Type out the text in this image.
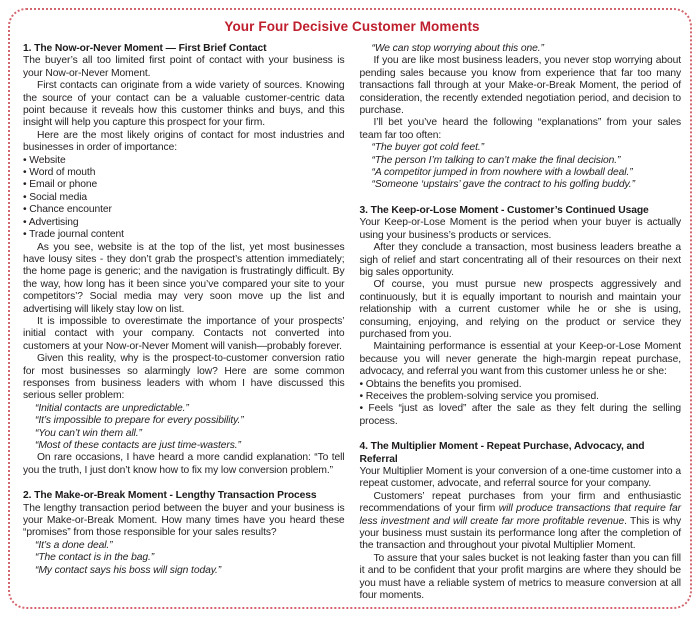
Your Four Decisive Customer Moments

1. The Now-or-Never Moment — First Brief Contact

The buyer’s all too limited first point of contact with your business is your Now-or-Never Moment.

First contacts can originate from a wide variety of sources. Knowing the source of your contact can be a valuable customer-centric data point because it reveals how this customer thinks and buys, and this insight will help you capture this prospect for your firm.

Here are the most likely origins of contact for most industries and businesses in order of importance:

• Website

• Word of mouth

• Email or phone

• Social media

• Chance encounter

• Advertising

• Trade journal content

As you see, website is at the top of the list, yet most businesses have lousy sites - they don’t grab the prospect’s attention immediately; the home page is generic; and the navigation is frustratingly difficult. By the way, how long has it been since you’ve compared your site to your competitors’? Social media may very soon move up the list and advertising will likely stay low on list.

It is impossible to overestimate the importance of your prospects’ initial contact with your company. Contacts not converted into customers at your Now-or-Never Moment will vanish—probably forever.

Given this reality, why is the prospect-to-customer conversion ratio for most businesses so alarmingly low? Here are some common responses from business leaders with whom I have discussed this serious seller problem:

“Initial contacts are unpredictable.”

“It’s impossible to prepare for every possibility.”

“You can’t win them all.”

“Most of these contacts are just time-wasters.”

On rare occasions, I have heard a more candid explanation: “To tell you the truth, I just don’t know how to fix my low conversion problem.”

2. The Make-or-Break Moment - Lengthy Transaction Process

The lengthy transaction period between the buyer and your business is your Make-or-Break Moment. How many times have you heard these “promises” from those responsible for your sales results?

“It’s a done deal.”

“The contact is in the bag.”

“My contact says his boss will sign today.”

“We can stop worrying about this one.”

If you are like most business leaders, you never stop worrying about pending sales because you know from experience that far too many transactions fall through at your Make-or-Break Moment, the period of consideration, the recently extended negotiation period, and decision to purchase.

I’ll bet you’ve heard the following “explanations” from your sales team far too often:

“The buyer got cold feet.”

“The person I’m talking to can’t make the final decision.”

“A competitor jumped in from nowhere with a lowball deal.”

“Someone ‘upstairs’ gave the contract to his golfing buddy.”

3. The Keep-or-Lose Moment - Customer’s Continued Usage

Your Keep-or-Lose Moment is the period when your buyer is actually using your business’s products or services.

After they conclude a transaction, most business leaders breathe a sigh of relief and start concentrating all of their resources on their next big sales opportunity.

Of course, you must pursue new prospects aggressively and continuously, but it is equally important to nourish and maintain your relationship with a current customer while he or she is using, consuming, enjoying, and relying on the product or service they purchased from you.

Maintaining performance is essential at your Keep-or-Lose Moment because you will never generate the high-margin repeat purchase, advocacy, and referral you want from this customer unless he or she:

• Obtains the benefits you promised.

• Receives the problem-solving service you promised.

• Feels “just as loved” after the sale as they felt during the selling process.

4. The Multiplier Moment - Repeat Purchase, Advocacy, and Referral

Your Multiplier Moment is your conversion of a one-time customer into a repeat customer, advocate, and referral source for your company.

Customers’ repeat purchases from your firm and enthusiastic recommendations of your firm will produce transactions that require far less investment and will create far more profitable revenue. This is why your business must sustain its performance long after the completion of the transaction and throughout your pivotal Multiplier Moment.

To assure that your sales bucket is not leaking faster than you can fill it and to be confident that your profit margins are where they should be you must have a reliable system of metrics to measure conversion at all four moments.
